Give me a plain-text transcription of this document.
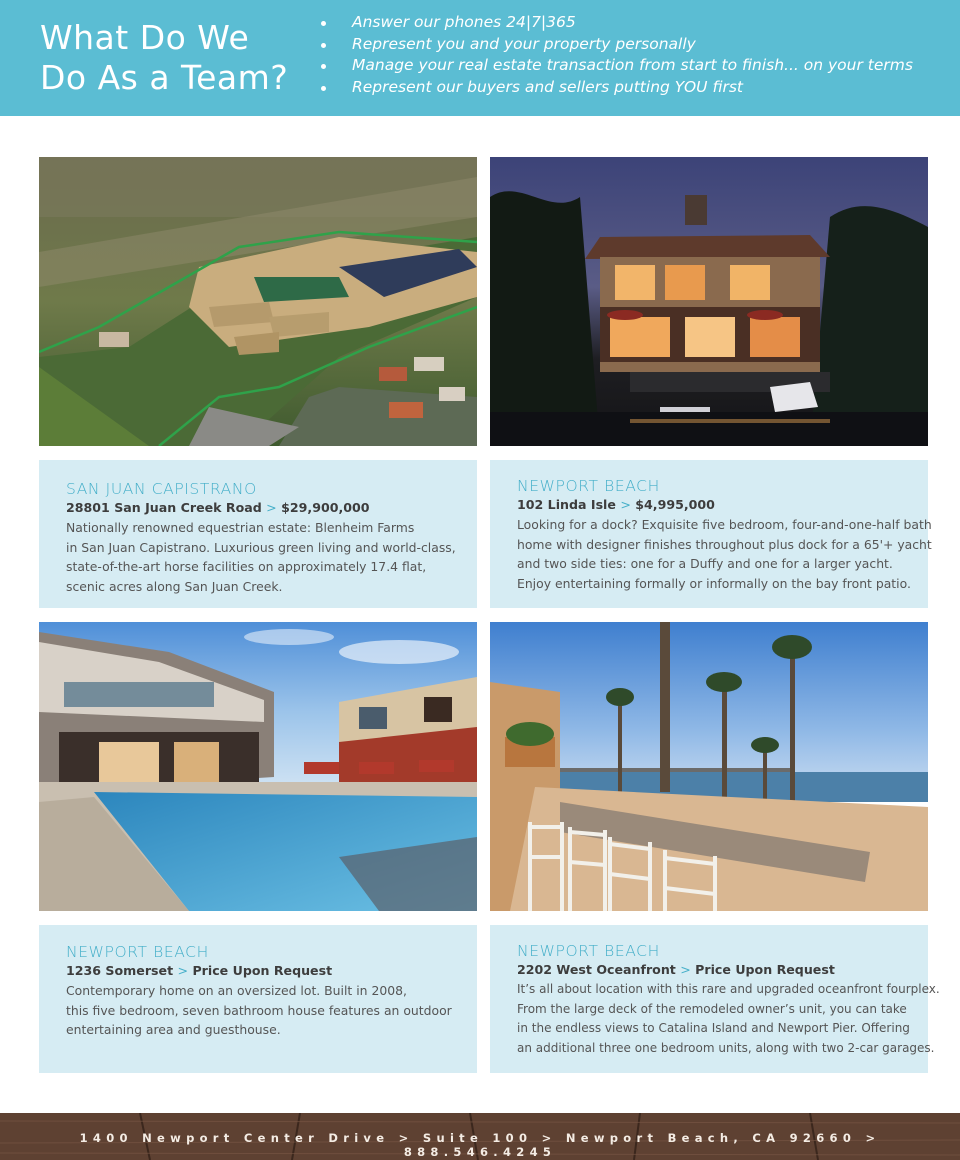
What Do We
Do As a Team?
Answer our phones 24|7|365
Represent you and your property personally
Manage your real estate transaction from start to finish... on your terms
Represent our buyers and sellers putting YOU first
SAN JUAN CAPISTRANO
28801 San Juan Creek Road > $29,900,000
Nationally renowned equestrian estate: Blenheim Farms
in San Juan Capistrano. Luxurious green living and world-class,
state-of-the-art horse facilities on approximately 17.4 flat,
scenic acres along San Juan Creek.
NEWPORT BEACH
102 Linda Isle > $4,995,000
Looking for a dock? Exquisite five bedroom, four-and-one-half bath
home with designer finishes throughout plus dock for a 65'+ yacht
and two side ties: one for a Duffy and one for a larger yacht.
Enjoy entertaining formally or informally on the bay front patio.
NEWPORT BEACH
1236 Somerset > Price Upon Request
Contemporary home on an oversized lot. Built in 2008,
this five bedroom, seven bathroom house features an outdoor
entertaining area and guesthouse.
NEWPORT BEACH
2202 West Oceanfront > Price Upon Request
It’s all about location with this rare and upgraded oceanfront fourplex.
From the large deck of the remodeled owner’s unit, you can take
in the endless views to Catalina Island and Newport Pier. Offering
an additional three one bedroom units, along with two 2-car garages.
1400 Newport Center Drive > Suite 100 > Newport Beach, CA 92660 > 888.546.4245
